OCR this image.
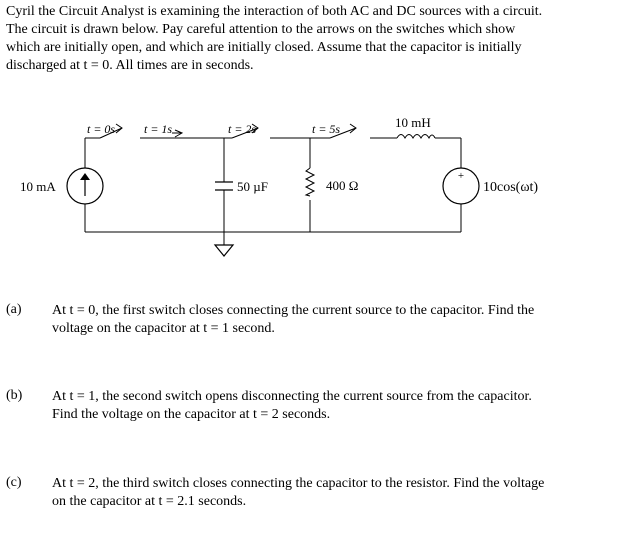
Cyril the Circuit Analyst is examining the interaction of both AC and DC sources with a circuit.
The circuit is drawn below. Pay careful attention to the arrows on the switches which show
which are initially open, and which are initially closed. Assume that the capacitor is initially
discharged at t = 0. All times are in seconds.
+
t = 0s t = 1s	t = 2s	t = 5s	10 mH
10 mA	50 µF	400 Ω	10cos(ωt)
(a) At t = 0, the first switch closes connecting the current source to the capacitor. Find the
voltage on the capacitor at t = 1 second.
(b) At t = 1, the second switch opens disconnecting the current source from the capacitor.
Find the voltage on the capacitor at t = 2 seconds.
(c) At t = 2, the third switch closes connecting the capacitor to the resistor. Find the voltage
on the capacitor at t = 2.1 seconds.
